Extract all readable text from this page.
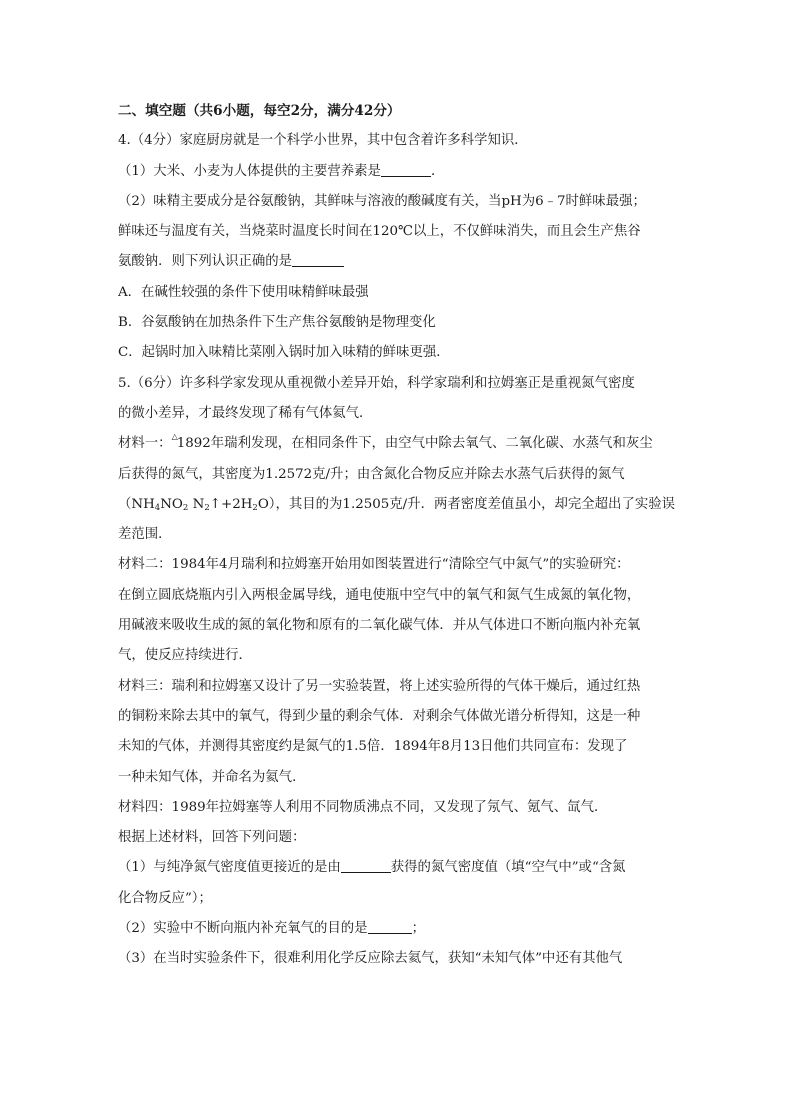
二、填空题（共6小题，每空2分，满分42分）
4.（4分）家庭厨房就是一个科学小世界，其中包含着许多科学知识．
（1）大米、小麦为人体提供的主要营养素是	．
（2）味精主要成分是谷氨酸钠，其鲜味与溶液的酸碱度有关，当pH为6﹣7时鲜味最强；
鲜味还与温度有关，当烧菜时温度长时间在120℃以上，不仅鲜味消失，而且会生产焦谷
氨酸钠．则下列认识正确的是
A．在碱性较强的条件下使用味精鲜味最强
B．谷氨酸钠在加热条件下生产焦谷氨酸钠是物理变化
C．起锅时加入味精比菜刚入锅时加入味精的鲜味更强．
5.（6分）许多科学家发现从重视微小差异开始，科学家瑞利和拉姆塞正是重视氮气密度
的微小差异，才最终发现了稀有气体氦气．
材料一：△1892年瑞利发现，在相同条件下，由空气中除去氧气、二氧化碳、水蒸气和灰尘
后获得的氮气，其密度为1.2572克/升；由含氮化合物反应并除去水蒸气后获得的氮气
（$NH_4NO_2$ $N_2↑+2H_2O$），其目的为1.2505克/升．两者密度差值虽小，却完全超出了实验误
差范围．
材料二：1984年4月瑞利和拉姆塞开始用如图装置进行“清除空气中氮气”的实验研究：
在倒立圆底烧瓶内引入两根金属导线，通电使瓶中空气中的氧气和氮气生成氮的氧化物，
用碱液来吸收生成的氮的氧化物和原有的二氧化碳气体．并从气体进口不断向瓶内补充氧
气，使反应持续进行．
材料三：瑞利和拉姆塞又设计了另一实验装置，将上述实验所得的气体干燥后，通过红热
的铜粉来除去其中的氧气，得到少量的剩余气体．对剩余气体做光谱分析得知，这是一种
未知的气体，并测得其密度约是氮气的1.5倍．1894年8月13日他们共同宣布：发现了
一种未知气体，并命名为氦气．
材料四：1989年拉姆塞等人利用不同物质沸点不同，又发现了氖气、氪气、氙气．
根据上述材料，回答下列问题：
（1）与纯净氮气密度值更接近的是由	获得的氮气密度值（填“空气中”或“含氮
化合物反应”）；
（2）实验中不断向瓶内补充氧气的目的是	；
（3）在当时实验条件下，很难利用化学反应除去氦气，获知“未知气体”中还有其他气
